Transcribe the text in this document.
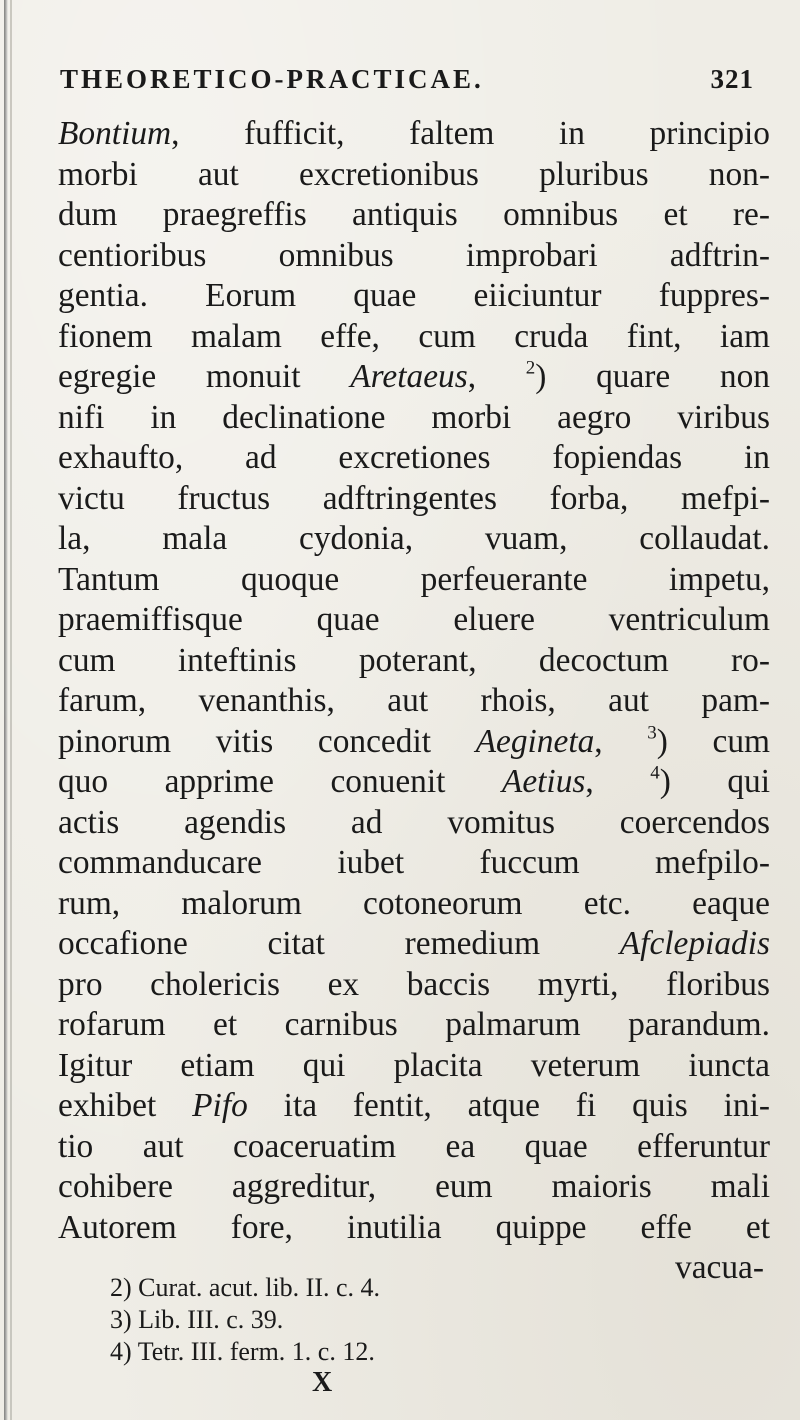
THEORETICO-PRACTICAE.	321
Bontium, fufficit, faltem in principio
morbi aut excretionibus pluribus non-
dum praegreffis antiquis omnibus et re-
centioribus omnibus improbari adftrin-
gentia. Eorum quae eiiciuntur fuppres-
fionem malam effe, cum cruda fint, iam
egregie monuit Aretaeus, $^2$) quare non
nifi in declinatione morbi aegro viribus
exhaufto, ad excretiones fopiendas in
victu fructus adftringentes forba, mefpi-
la, mala cydonia, vuam, collaudat.
Tantum quoque perfeuerante impetu,
praemiffisque quae eluere ventriculum
cum inteftinis poterant, decoctum ro-
farum, venanthis, aut rhois, aut pam-
pinorum vitis concedit Aegineta, $^3$) cum
quo apprime conuenit Aetius, $^4$) qui
actis agendis ad vomitus coercendos
commanducare iubet fuccum mefpilo-
rum, malorum cotoneorum etc. eaque
occafione citat remedium Afclepiadis
pro cholericis ex baccis myrti, floribus
rofarum et carnibus palmarum parandum.
Igitur etiam qui placita veterum iuncta
exhibet Pifo ita fentit, atque fi quis ini-
tio aut coaceruatim ea quae efferuntur
cohibere aggreditur, eum maioris mali
Autorem fore, inutilia quippe effe et
vacua-
2) Curat. acut. lib. II. c. 4.
3) Lib. III. c. 39.
4) Tetr. III. ferm. 1. c. 12.
X
